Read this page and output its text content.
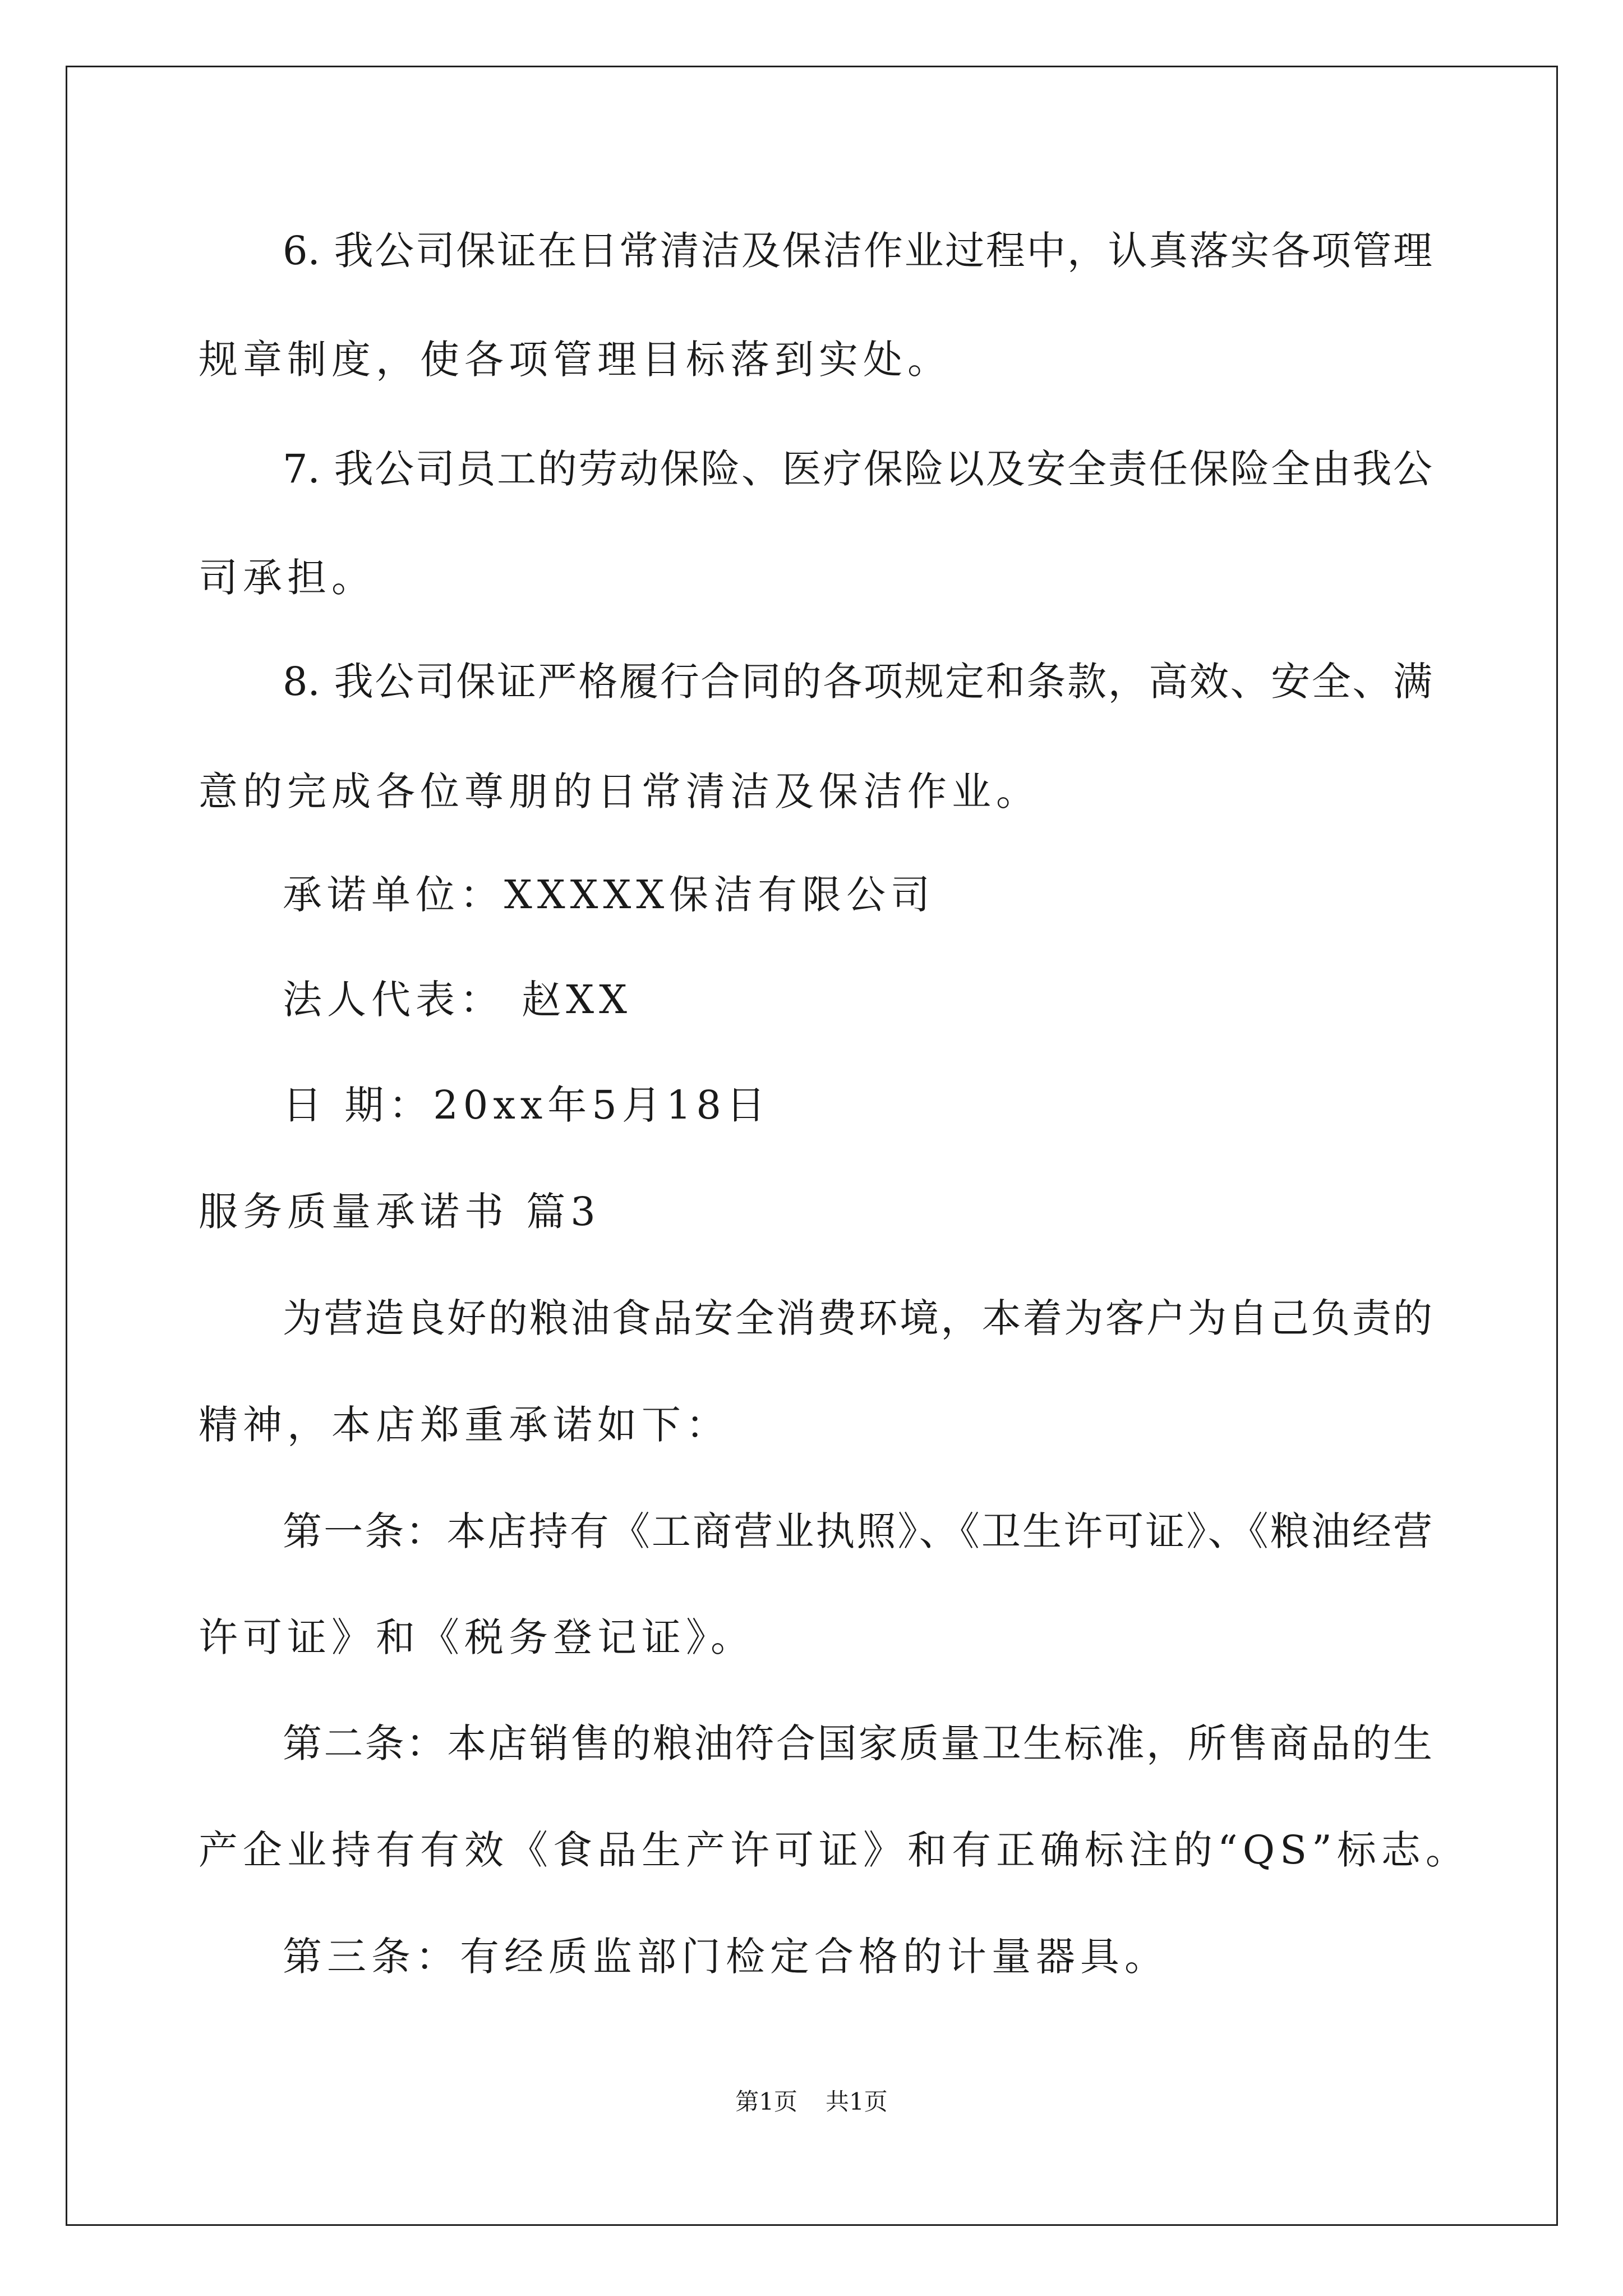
6. 我公司保证在日常清洁及保洁作业过程中，认真落实各项管理
规章制度，使各项管理目标落到实处。
7. 我公司员工的劳动保险、医疗保险以及安全责任保险全由我公
司承担。
8. 我公司保证严格履行合同的各项规定和条款，高效、安全、满
意的完成各位尊朋的日常清洁及保洁作业。
承诺单位：XXXXX保洁有限公司
法人代表： 赵XX
日 期：20xx年5月18日
服务质量承诺书 篇3
为营造良好的粮油食品安全消费环境，本着为客户为自己负责的
精神，本店郑重承诺如下：
第一条：本店持有《工商营业执照》、《卫生许可证》、《粮油经营
许可证》和《税务登记证》。
第二条：本店销售的粮油符合国家质量卫生标准，所售商品的生
产企业持有有效《食品生产许可证》和有正确标注的“QS”标志。
第三条：有经质监部门检定合格的计量器具。
第1页 共1页
